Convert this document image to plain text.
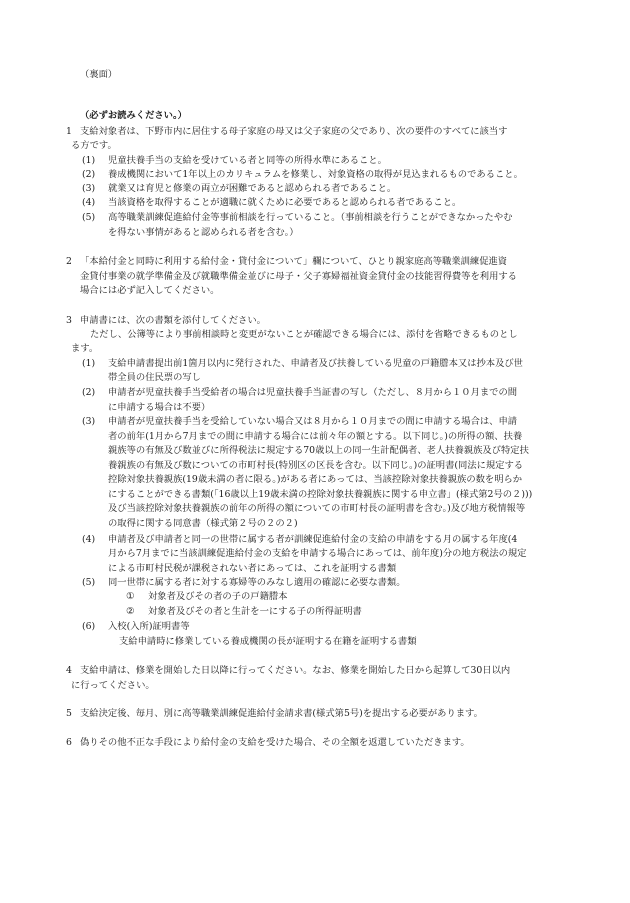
（裏面）
（必ずお読みください。）
1 支給対象者は、下野市内に居住する母子家庭の母又は父子家庭の父であり、次の要件のすべてに該当す
る方です。
(1) 児童扶養手当の支給を受けている者と同等の所得水準にあること。
(2) 養成機関において1年以上のカリキュラムを修業し、対象資格の取得が見込まれるものであること。
(3) 就業又は育児と修業の両立が困難であると認められる者であること。
(4) 当該資格を取得することが適職に就くために必要であると認められる者であること。
(5) 高等職業訓練促進給付金等事前相談を行っていること。（事前相談を行うことができなかったやむ
を得ない事情があると認められる者を含む。）
2 「本給付金と同時に利用する給付金・貸付金について」欄について、ひとり親家庭高等職業訓練促進資
金貸付事業の就学準備金及び就職準備金並びに母子・父子寡婦福祉資金貸付金の技能習得費等を利用する
場合には必ず記入してください。
3 申請書には、次の書類を添付してください。
ただし、公簿等により事前相談時と変更がないことが確認できる場合には、添付を省略できるものとし
ます。
(1) 支給申請書提出前1箇月以内に発行された、申請者及び扶養している児童の戸籍謄本又は抄本及び世
帯全員の住民票の写し
(2) 申請者が児童扶養手当受給者の場合は児童扶養手当証書の写し（ただし、８月から１０月までの間
に申請する場合は不要）
(3) 申請者が児童扶養手当を受給していない場合又は８月から１０月までの間に申請する場合は、申請
者の前年(1月から7月までの間に申請する場合には前々年の額とする。以下同じ。)の所得の額、扶養
親族等の有無及び数並びに所得税法に規定する70歳以上の同一生計配偶者、老人扶養親族及び特定扶
養親族の有無及び数についての市町村長(特別区の区長を含む。以下同じ。)の証明書(同法に規定する
控除対象扶養親族(19歳未満の者に限る。)がある者にあっては、当該控除対象扶養親族の数を明らか
にすることができる書類(「16歳以上19歳未満の控除対象扶養親族に関する申立書」(様式第2号の２)))
及び当該控除対象扶養親族の前年の所得の額についての市町村長の証明書を含む。)及び地方税情報等
の取得に関する同意書（様式第２号の２の２)
(4) 申請者及び申請者と同一の世帯に属する者が訓練促進給付金の支給の申請をする月の属する年度(4
月から7月までに当該訓練促進給付金の支給を申請する場合にあっては、前年度)分の地方税法の規定
による市町村民税が課税されない者にあっては、これを証明する書類
(5) 同一世帯に属する者に対する寡婦等のみなし適用の確認に必要な書類。
① 対象者及びその者の子の戸籍謄本
② 対象者及びその者と生計を一にする子の所得証明書
(6) 入校(入所)証明書等
支給申請時に修業している養成機関の長が証明する在籍を証明する書類
4 支給申請は、修業を開始した日以降に行ってください。なお、修業を開始した日から起算して30日以内
に行ってください。
5 支給決定後、毎月、別に高等職業訓練促進給付金請求書(様式第5号)を提出する必要があります。
6 偽りその他不正な手段により給付金の支給を受けた場合、その全額を返還していただきます。
